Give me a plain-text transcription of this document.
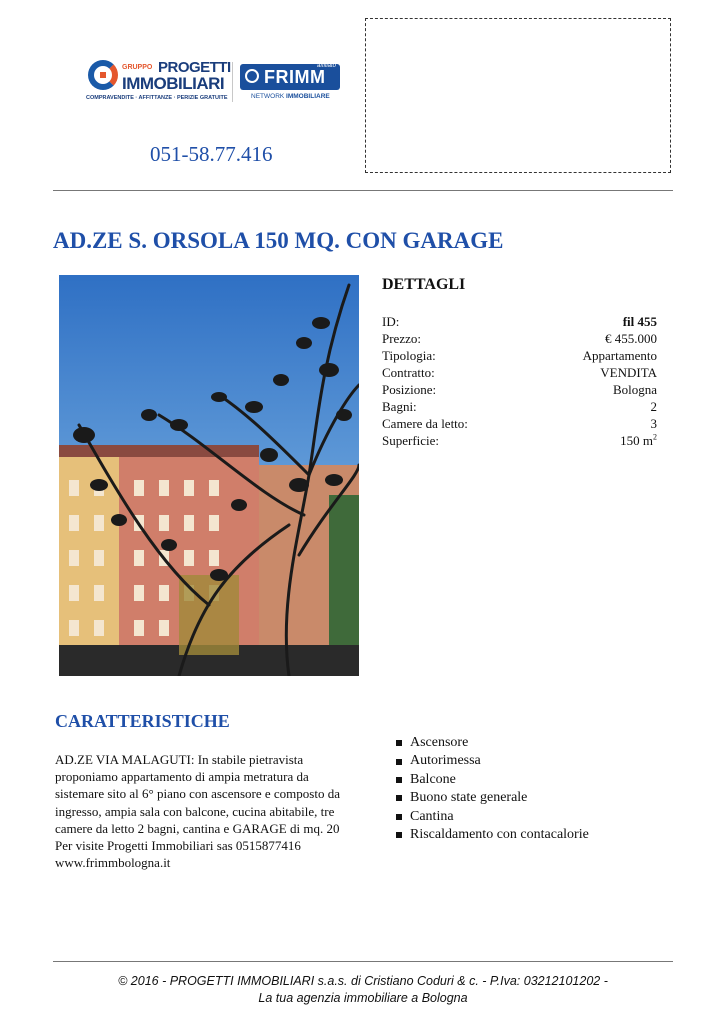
GRUPPO PROGETTI
IMMOBILIARI
COMPRAVENDITE · AFFITTANZE · PERIZIE GRATUITE
affiliato
FRIMM
NETWORK IMMOBILIARE
051-58.77.416
AD.ZE S. ORSOLA 150 MQ. CON GARAGE
DETTAGLI
ID:	fil 455
Prezzo:	€ 455.000
Tipologia:	Appartamento
Contratto:	VENDITA
Posizione:	Bologna
Bagni:	2
Camere da letto:	3
Superficie:	150 $m^2$
CARATTERISTICHE

AD.ZE VIA MALAGUTI: In stabile pietravista

proponiamo appartamento di ampia metratura da

sistemare sito al 6° piano con ascensore e composto da

ingresso, ampia sala con balcone, cucina abitabile, tre

camere da letto 2 bagni, cantina e GARAGE di mq. 20

Per visite Progetti Immobiliari sas 0515877416

www.frimmbologna.it

Ascensore
Autorimessa
Balcone
Buono state generale
Cantina
Riscaldamento con contacalorie
© 2016 - PROGETTI IMMOBILIARI s.a.s. di Cristiano Coduri & c. - P.Iva: 03212101202 -
La tua agenzia immobiliare a Bologna
